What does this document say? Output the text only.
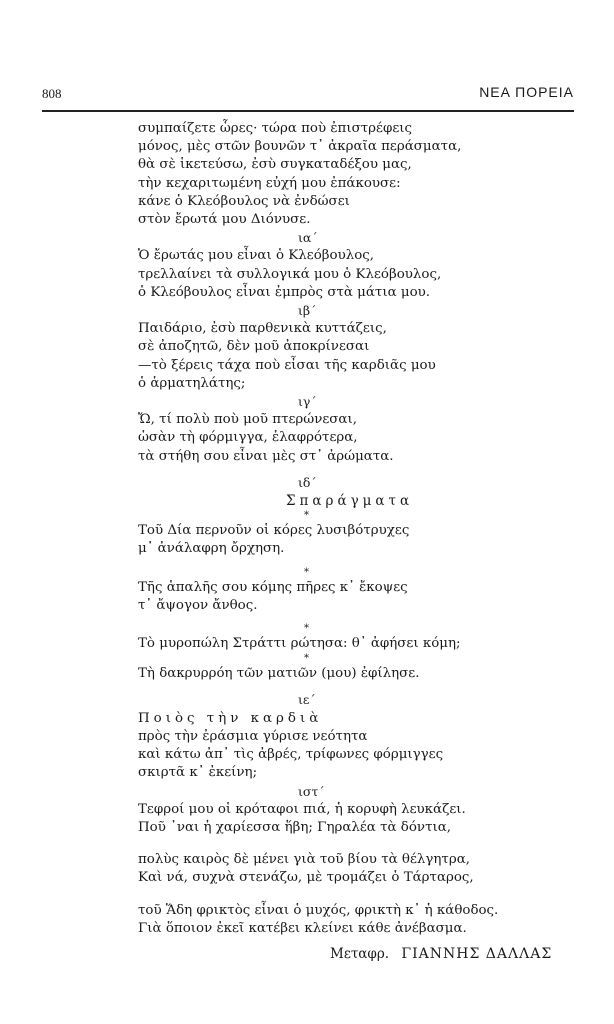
808	ΝΕΑ ΠΟΡΕΙΑ
συμπαίζετε ὧρες· τώρα ποὺ ἐπιστρέφεις
μόνος, μὲς στῶν βουνῶν τ᾽ ἀκραῖα περάσματα,
θὰ σὲ ἱκετεύσω, ἐσὺ συγκαταδέξου μας,
τὴν κεχαριτωμένη εὐχή μου ἐπάκουσε:
κάνε ὁ Κλεόβουλος νὰ ἐνδώσει
στὸν ἔρωτά μου Διόνυσε.
ια΄
Ὁ ἔρωτάς μου εἶναι ὁ Κλεόβουλος,
τρελλαίνει τὰ συλλογικά μου ὁ Κλεόβουλος,
ὁ Κλεόβουλος εἶναι ἐμπρὸς στὰ μάτια μου.
ιβ΄
Παιδάριο, ἐσὺ παρθενικὰ κυττάζεις,
σὲ ἀποζητῶ, δὲν μοῦ ἀποκρίνεσαι
—τὸ ξέρεις τάχα ποὺ εἶσαι τῆς καρδιᾶς μου
ὁ ἁρματηλάτης;
ιγ΄
Ὤ, τί πολὺ ποὺ μοῦ πτερώνεσαι,
ὡσὰν τὴ φόρμιγγα, ἐλαφρότερα,
τὰ στήθη σου εἶναι μὲς στ᾽ ἀρώματα.
ιδ΄
Σπαράγματα
*
Τοῦ Δία περνοῦν οἱ κόρες λυσιβότρυχες
μ᾽ ἀνάλαφρη ὄρχηση.
*
Τῆς ἁπαλῆς σου κόμης πῆρες κ᾽ ἔκοψες
τ᾽ ἄψογον ἄνθος.
*
Τὸ μυροπώλη Στράττι ρώτησα: θ᾽ ἀφήσει κόμη;
*
Τὴ δακρυρρόη τῶν ματιῶν (μου) ἐφίλησε.
ιε΄
Ποιὸς τὴν καρδιὰ
πρὸς τὴν ἐράσμια γύρισε νεότητα
καὶ κάτω ἀπ᾽ τὶς ἀβρές, τρίφωνες φόρμιγγες
σκιρτᾶ κ᾽ ἐκείνη;
ιστ΄
Τεφροί μου οἱ κρόταφοι πιά, ἡ κορυφὴ λευκάζει.
Ποῦ ᾽ναι ἡ χαρίεσσα ἥβη; Γηραλέα τὰ δόντια,
πολὺς καιρὸς δὲ μένει γιὰ τοῦ βίου τὰ θέλγητρα,
Καὶ νά, συχνὰ στενάζω, μὲ τρομάζει ὁ Τάρταρος,
τοῦ Ἅδη φρικτὸς εἶναι ὁ μυχός, φρικτὴ κ᾽ ἡ κάθοδος.
Γιὰ ὅποιον ἐκεῖ κατέβει κλείνει κάθε ἀνέβασμα.
Μεταφρ. ΓΙΑΝΝΗΣ ΔΑΛΛΑΣ
